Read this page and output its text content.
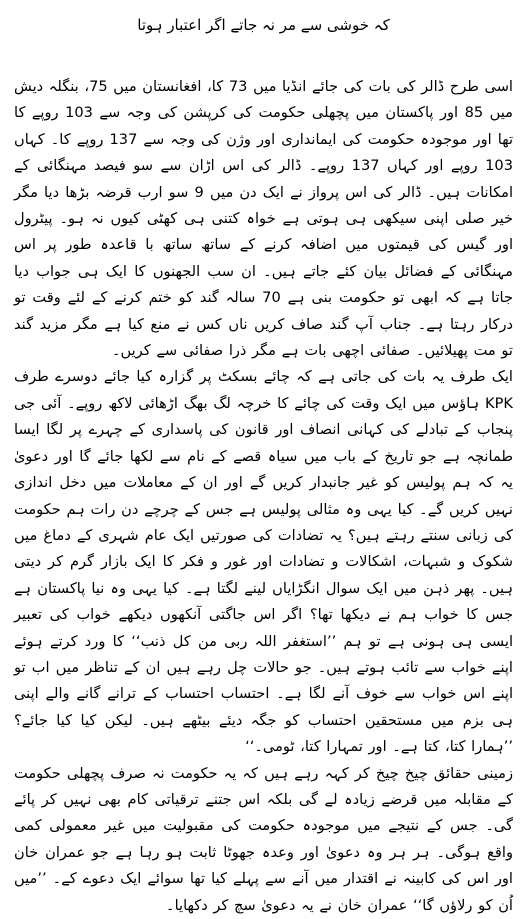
کہ خوشی سے مر نہ جاتے اگر اعتبار ہوتا

اسی طرح ڈالر کی بات کی جائے انڈیا میں 73 کا، افغانستان میں 75، بنگلہ دیش میں 85 اور پاکستان میں پچھلی حکومت کی کرپشن کی وجہ سے 103 روپے کا تھا اور موجودہ حکومت کی ایمانداری اور وژن کی وجہ سے 137 روپے کا۔ کہاں 103 روپے اور کہاں 137 روپے۔ ڈالر کی اس اڑان سے سو فیصد مہنگائی کے امکانات ہیں۔ ڈالر کی اس پرواز نے ایک دن میں 9 سو ارب قرضہ بڑھا دیا مگر خیر صلی اپنی سیکھی ہی ہوتی ہے خواہ کتنی ہی کھٹی کیوں نہ ہو۔ پیٹرول اور گیس کی قیمتوں میں اضافہ کرنے کے ساتھ ساتھ با قاعدہ طور پر اس مہنگائی کے فضائل بیان کئے جاتے ہیں۔ ان سب الجھنوں کا ایک ہی جواب دیا جاتا ہے کہ ابھی تو حکومت بنی ہے 70 سالہ گند کو ختم کرنے کے لئے وقت تو درکار رہتا ہے۔ جناب آپ گند صاف کریں ناں کس نے منع کیا ہے مگر مزید گند تو مت پھیلائیں۔ صفائی اچھی بات ہے مگر ذرا صفائی سے کریں۔

ایک طرف یہ بات کی جاتی ہے کہ چائے بسکٹ پر گزارہ کیا جائے دوسرے طرف KPK ہاؤس میں ایک وقت کی چائے کا خرچہ لگ بھگ اڑھائی لاکھ روپے۔ آئی جی پنجاب کے تبادلے کی کہانی انصاف اور قانون کی پاسداری کے چہرے پر لگا ایسا طمانچہ ہے جو تاریخ کے باب میں سیاہ قصے کے نام سے لکھا جائے گا اور دعویٰ یہ کہ ہم پولیس کو غیر جانبدار کریں گے اور ان کے معاملات میں دخل اندازی نہیں کریں گے۔ کیا یہی وہ مثالی پولیس ہے جس کے چرچے دن رات ہم حکومت کی زبانی سنتے رہتے ہیں؟ یہ تضادات کی صورتیں ایک عام شہری کے دماغ میں شکوک و شبہات، اشکالات و تضادات اور غور و فکر کا ایک بازار گرم کر دیتی ہیں۔ پھر ذہن میں ایک سوال انگڑایاں لینے لگتا ہے۔ کیا یہی وہ نیا پاکستان ہے جس کا خواب ہم نے دیکھا تھا؟ اگر اس جاگتی آنکھوں دیکھے خواب کی تعبیر ایسی ہی ہونی ہے تو ہم ’’استغفر اللہ ربی من کل ذنب‘‘ کا ورد کرتے ہوئے اپنے خواب سے تائب ہوتے ہیں۔ جو حالات چل رہے ہیں ان کے تناظر میں اب تو اپنے اس خواب سے خوف آنے لگا ہے۔ احتساب احتساب کے ترانے گانے والے اپنی ہی بزم میں مستحقین احتساب کو جگہ دیئے بیٹھے ہیں۔ لیکن کیا کیا جائے؟ ’’ہمارا کتا، کتا ہے۔ اور تمہارا کتا، ٹومی۔‘‘

زمینی حقائق چیخ چیخ کر کہہ رہے ہیں کہ یہ حکومت نہ صرف پچھلی حکومت کے مقابلہ میں قرضے زیادہ لے گی بلکہ اس جتنے ترقیاتی کام بھی نہیں کر پائے گی۔ جس کے نتیجے میں موجودہ حکومت کی مقبولیت میں غیر معمولی کمی واقع ہوگی۔ ہر ہر وہ دعویٰ اور وعدہ جھوٹا ثابت ہو رہا ہے جو عمران خان اور اس کی کابینہ نے اقتدار میں آنے سے پہلے کیا تھا سوائے ایک دعوے کے۔ ’’میں اُن کو رلاؤں گا‘‘ عمران خان نے یہ دعویٰ سچ کر دکھایا۔
